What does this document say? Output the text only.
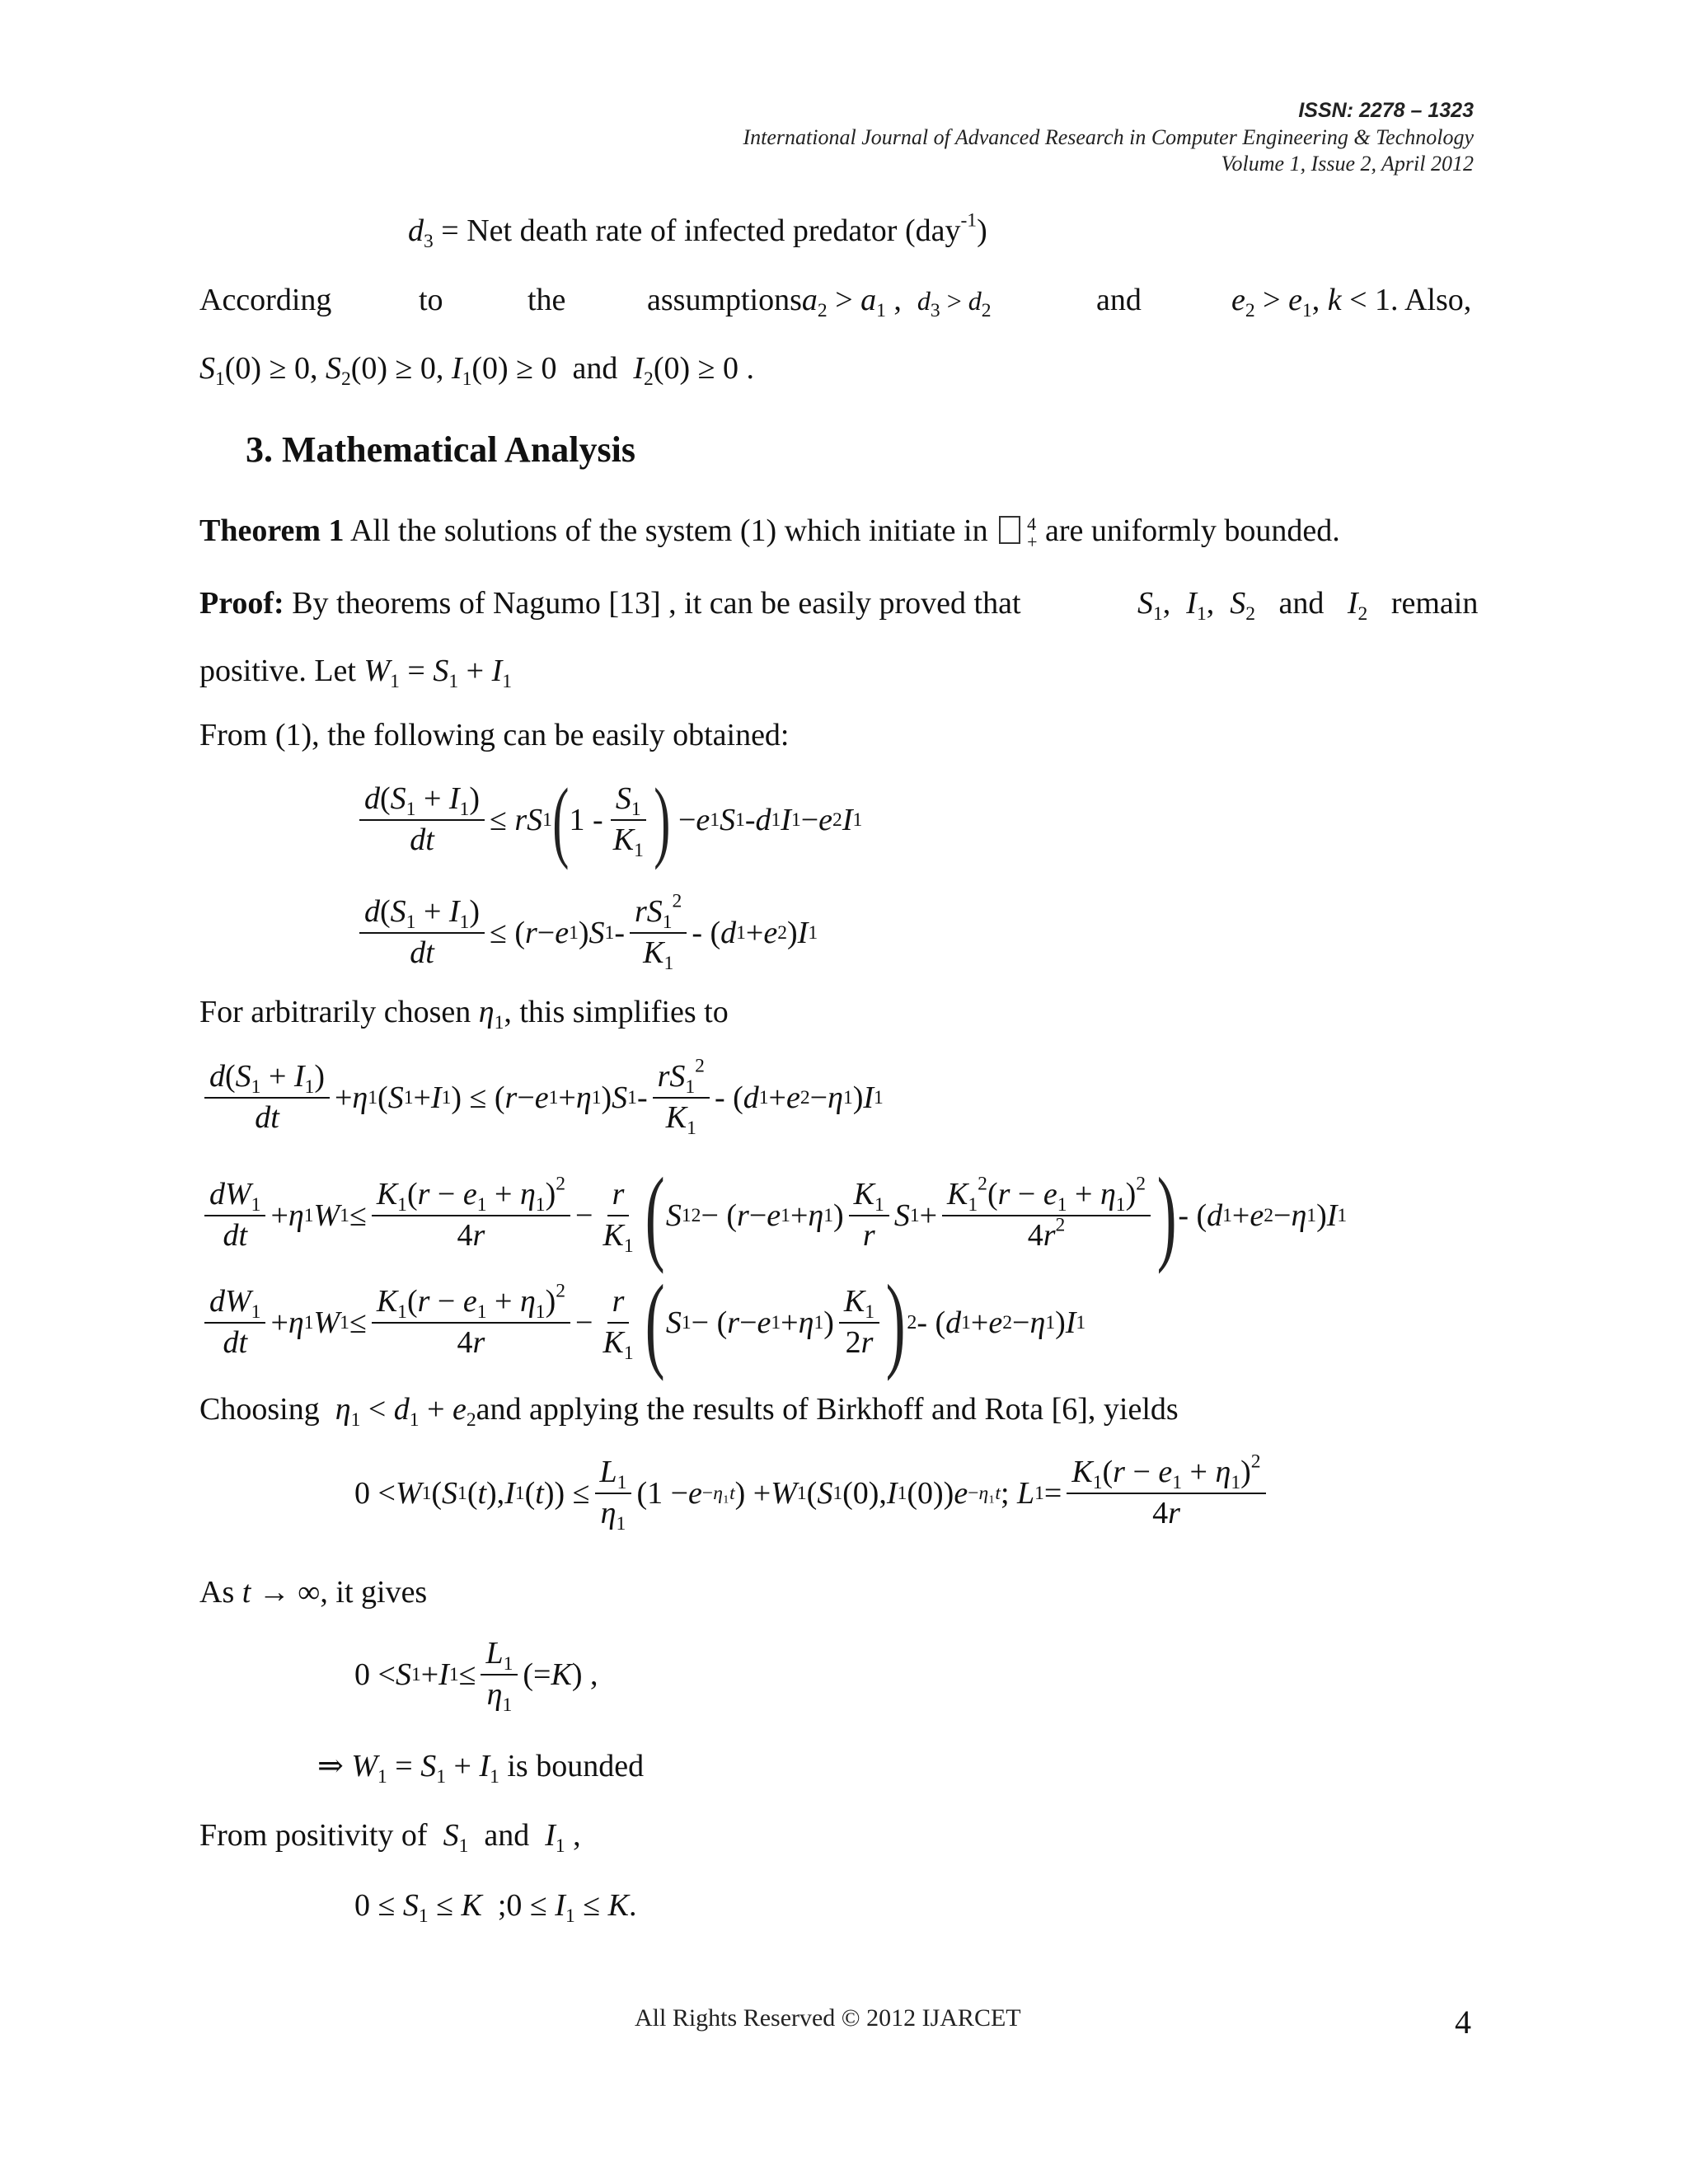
ISSN: 2278 – 1323
International Journal of Advanced Research in Computer Engineering & Technology
Volume 1, Issue 2, April 2012
$d_3$ = Net death rate of infected predator (day$^{-1}$)
According	to	the	assumptionsa$_2$ > $a_1$ ,  $d_3 > d_2$	and	$e_2 > e_1$, k < 1. Also,
$S_1(0) \ge 0$, $S_2(0) \ge 0$, $I_1(0) \ge 0$  and $I_2(0) \ge 0$ .
3. Mathematical Analysis
Theorem 1 All the solutions of the system (1) which initiate in 4
+ are uniformly bounded.
Proof: By theorems of Nagumo [13] , it can be easily proved that	$S_1$,  $I_1$,  $S_2$   and   $I_2$ remain
positive. Let $W_1 = S_1 + I_1$
From (1), the following can be easily obtained:
$\frac{d(S_1 + I_1)}{dt}$ ≤ rS 1 ( $1 - \frac{S_1}{K_1}$ ) − e 1 S 1 - d 1 I 1 − e 2 I 1
$\frac{d(S_1 + I_1)}{dt}$ ≤ ( r − e 1 ) S $1 - \frac{rS_1^2}{K_1}$ - ( d 1 + e 2 ) I 1
For arbitrarily chosen $\eta_1$, this simplifies to
$\frac{d(S_1 + I_1)}{dt} + \eta$ 1 ( S 1 + I 1 ) ≤ ( r − e 1 + η 1 ) S $1 - \frac{rS_1^2}{K_1}$ - ( d 1 + e 2 − η 1 ) I 1
$\frac{dW_1}{dt} + \eta$ 1 W $1 \le \frac{K_1(r - e_1 + \eta_1)^2}{4r} - \frac{r}{K_1}$ ( S 1 2 − ( r − e 1 + η 1 ) $\frac{K_1}{r}$ S $1 + \frac{K_1^2(r - e_1 + \eta_1)^2}{4r^2}$ ) - ( d 1 + e 2 − η 1 ) I 1
$\frac{dW_1}{dt} + \eta$ 1 W $1 \le \frac{K_1(r - e_1 + \eta_1)^2}{4r} - \frac{r}{K_1}$ ( S 1 − ( r − e 1 + η 1 ) $\frac{K_1}{2r}$ ) 2 - ( d 1 + e 2 − η 1 ) I 1
Choosing $\eta_1 < d_1 + e_2and$ applying the results of Birkhoff and Rota [6], yields
0 < W 1 ( S 1 ( t ), I 1 ( t )) ≤ $\frac{L_1}{\eta_1} (1 - e -\eta_1t$ ) + W 1 ( S 1 (0), I 1 (0)) e −η₁t ; L $1 = \frac{K_1(r - e_1 + \eta_1)^2}{4r}$
As t → ∞, it gives
0 < S 1 + I $1 \le \frac{L_1}{\eta_1}$ (= K ) ,
⇒ $W_1 = S_1 + I_1$ is bounded
From positivity of $S_1$ and $I_1$ ,
$0 \le S_1 \le K$  ;0 ≤ $I_1 \le K$.
All Rights Reserved © 2012 IJARCET	4
